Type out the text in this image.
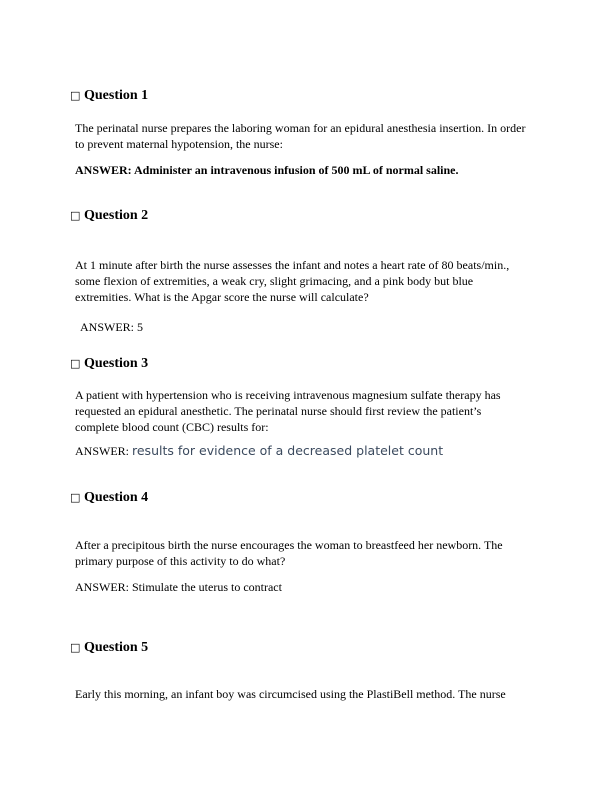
□ Question 1
The perinatal nurse prepares the laboring woman for an epidural anesthesia insertion. In order to prevent maternal hypotension, the nurse:
ANSWER: Administer an intravenous infusion of 500 mL of normal saline.
□ Question 2
At 1 minute after birth the nurse assesses the infant and notes a heart rate of 80 beats/min., some flexion of extremities, a weak cry, slight grimacing, and a pink body but blue extremities. What is the Apgar score the nurse will calculate?
ANSWER: 5
□ Question 3
A patient with hypertension who is receiving intravenous magnesium sulfate therapy has requested an epidural anesthetic. The perinatal nurse should first review the patient’s complete blood count (CBC) results for:
ANSWER: results for evidence of a decreased platelet count
□ Question 4
After a precipitous birth the nurse encourages the woman to breastfeed her newborn. The primary purpose of this activity to do what?
ANSWER: Stimulate the uterus to contract
□ Question 5
Early this morning, an infant boy was circumcised using the PlastiBell method. The nurse
